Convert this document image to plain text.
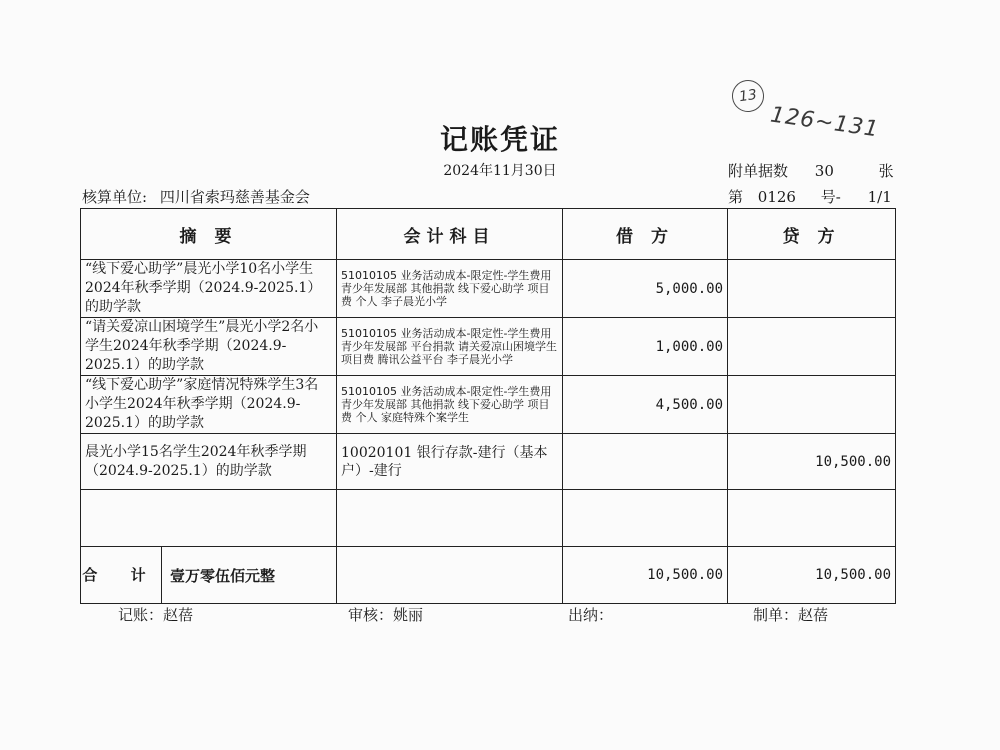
13
126~131
记账凭证
2024年11月30日	附单据数 30	张
核算单位: 四川省索玛慈善基金会	第 0126 号- 1/1
摘 要	会计科目	借 方	贷 方
“线下爱心助学”晨光小学10名小学生2024年秋季学期（2024.9-2025.1）的助学款	51010105 业务活动成本-限定性-学生费用 青少年发展部 其他捐款 线下爱心助学 项目费 个人 李子晨光小学	5,000.00	
“请关爱凉山困境学生”晨光小学2名小学生2024年秋季学期（2024.9-2025.1）的助学款	51010105 业务活动成本-限定性-学生费用 青少年发展部 平台捐款 请关爱凉山困境学生 项目费 腾讯公益平台 李子晨光小学	1,000.00	
“线下爱心助学”家庭情况特殊学生3名小学生2024年秋季学期（2024.9-2025.1）的助学款	51010105 业务活动成本-限定性-学生费用 青少年发展部 其他捐款 线下爱心助学 项目费 个人 家庭特殊个案学生	4,500.00	
晨光小学15名学生2024年秋季学期（2024.9-2025.1）的助学款	10020101 银行存款-建行（基本户）-建行		10,500.00

合 计 壹万零伍佰元整		10,500.00	10,500.00
记账：赵蓓	审核：姚丽	出纳：	制单：赵蓓
